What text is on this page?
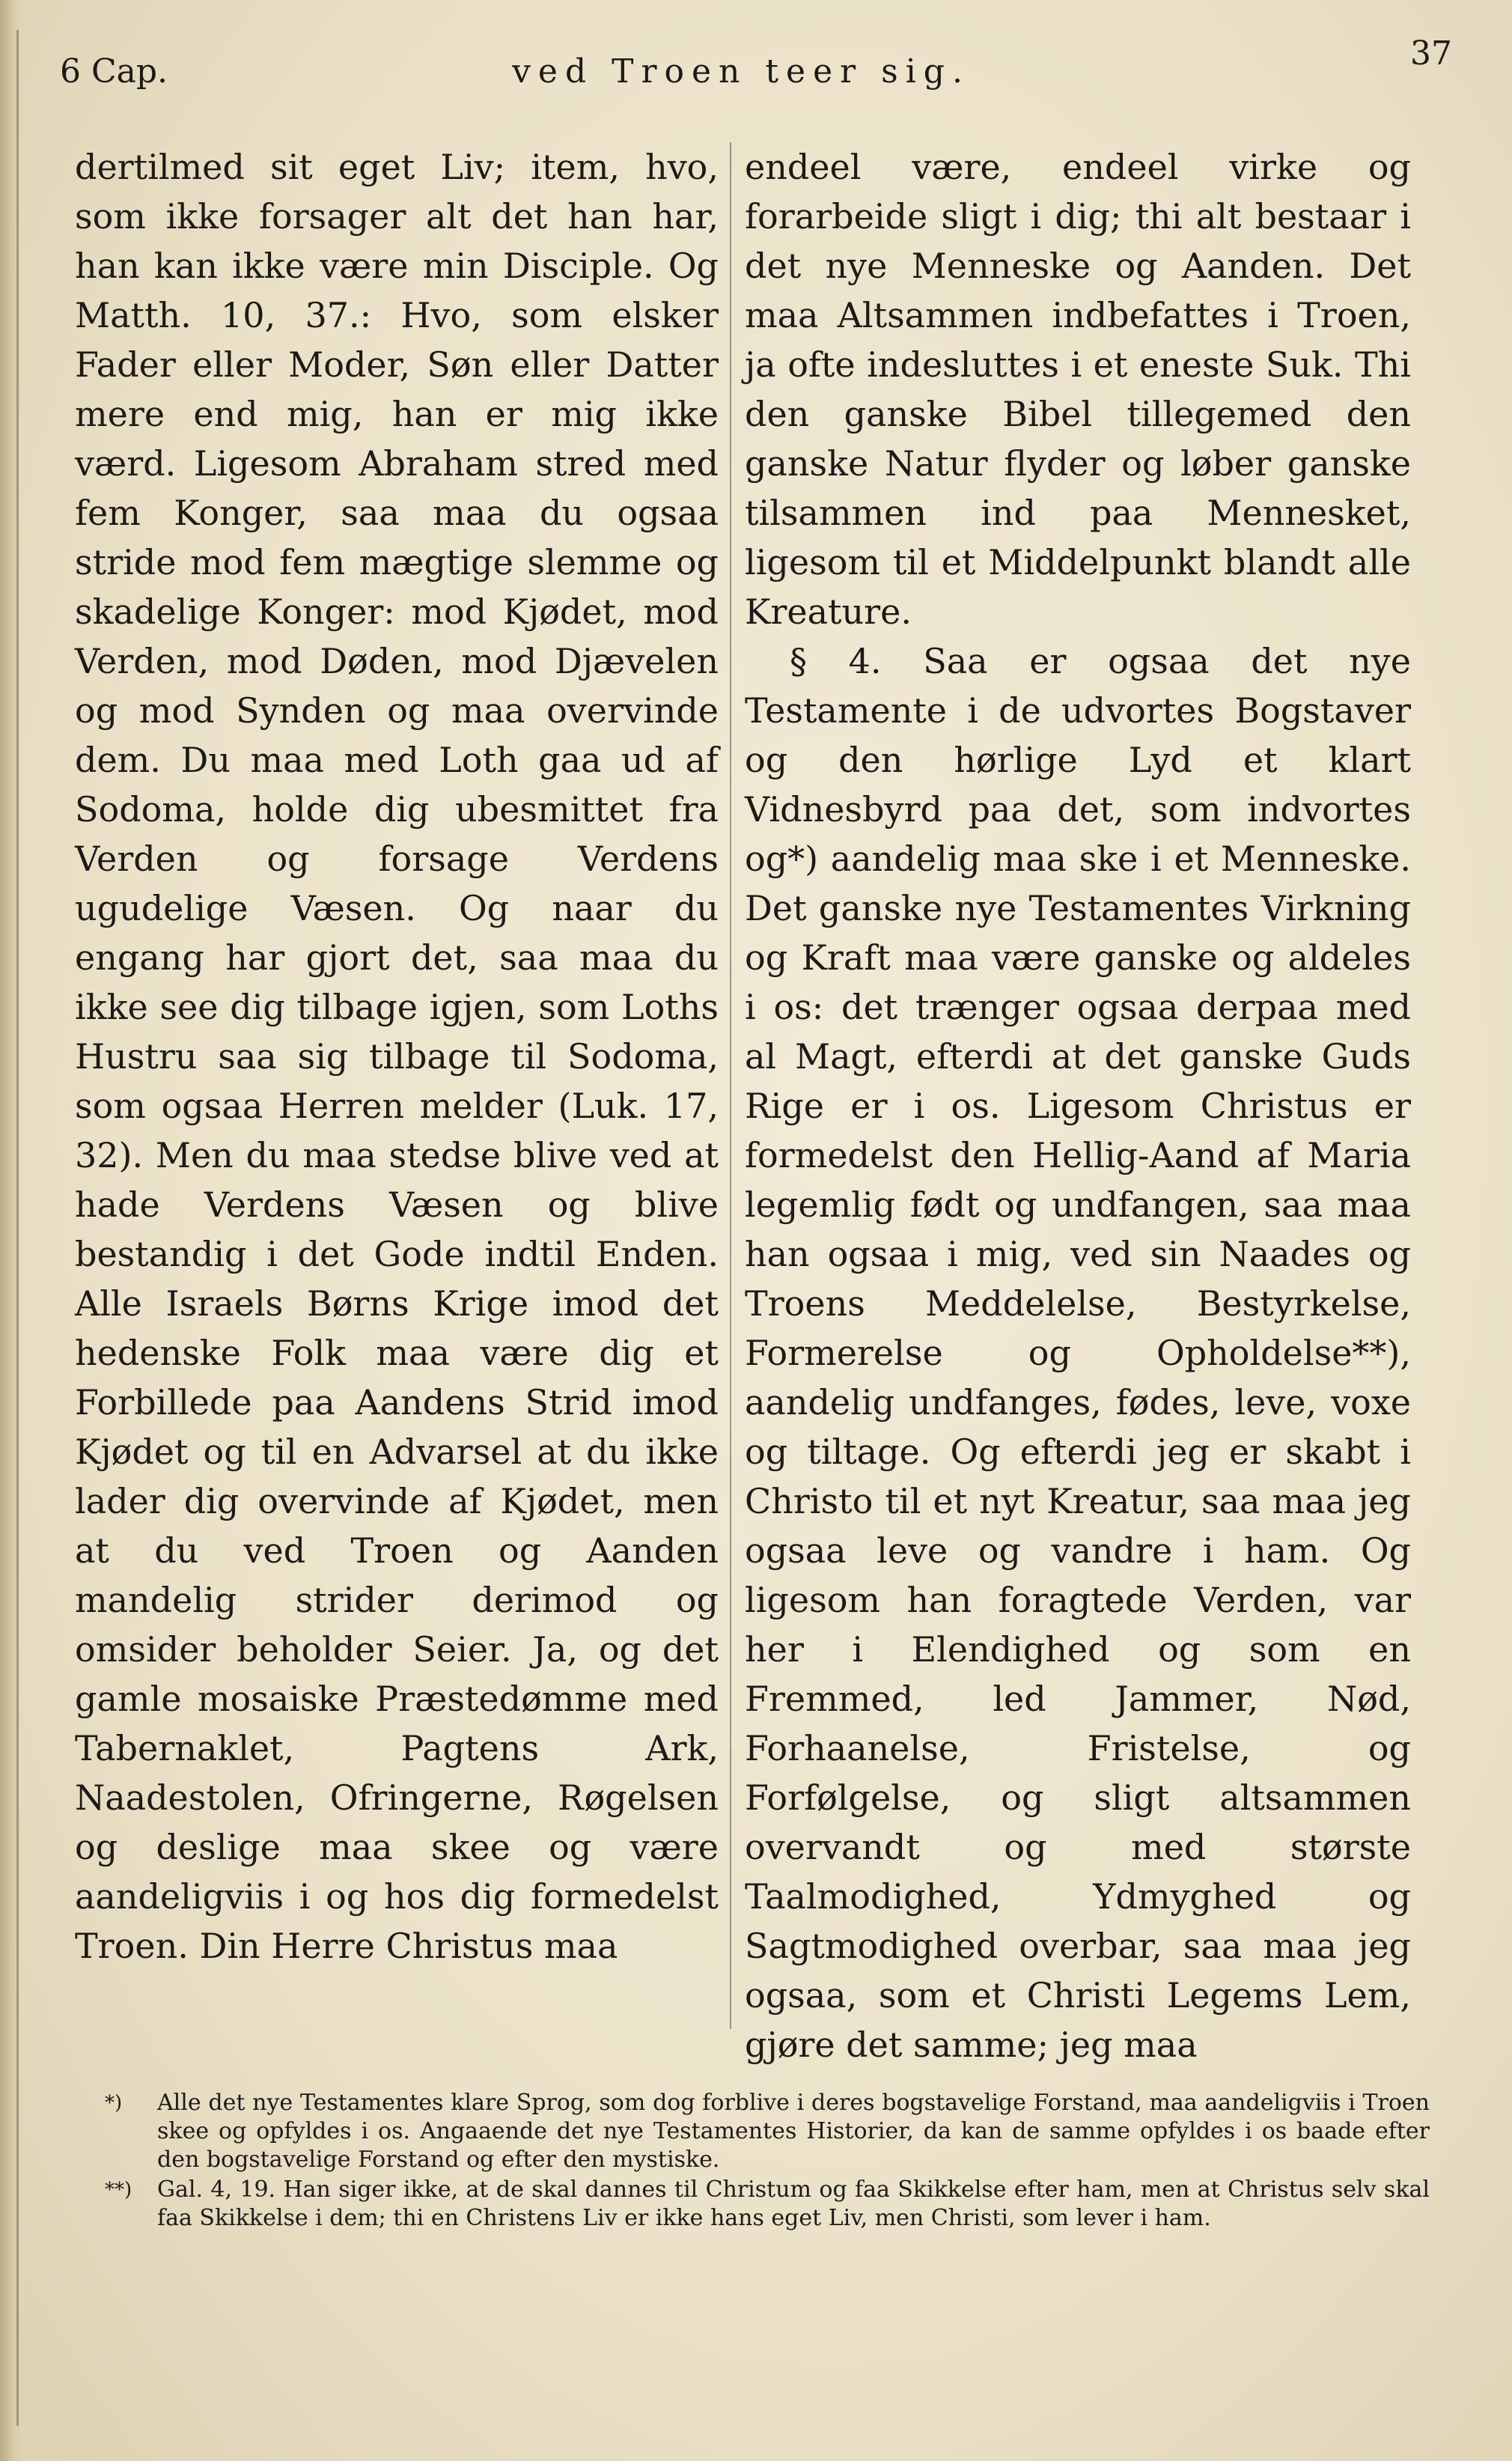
6 Cap.	ved Troen teer sig.	37

dertilmed sit eget Liv; item, hvo, som ikke forsager alt det han har, han kan ikke være min Disciple. Og Matth. 10, 37.: Hvo, som elsker Fader eller Moder, Søn eller Datter mere end mig, han er mig ikke værd. Ligesom Abraham stred med fem Konger, saa maa du ogsaa stride mod fem mægtige slemme og skadelige Konger: mod Kjødet, mod Verden, mod Døden, mod Djævelen og mod Synden og maa overvinde dem. Du maa med Loth gaa ud af Sodoma, holde dig ubesmittet fra Verden og forsage Verdens ugudelige Væsen. Og naar du engang har gjort det, saa maa du ikke see dig tilbage igjen, som Loths Hustru saa sig tilbage til Sodoma, som ogsaa Herren melder (Luk. 17, 32). Men du maa stedse blive ved at hade Verdens Væsen og blive bestandig i det Gode indtil Enden. Alle Israels Børns Krige imod det hedenske Folk maa være dig et Forbillede paa Aandens Strid imod Kjødet og til en Advarsel at du ikke lader dig overvinde af Kjødet, men at du ved Troen og Aanden mandelig strider derimod og omsider beholder Seier. Ja, og det gamle mosaiske Præstedømme med Tabernaklet, Pagtens Ark, Naadestolen, Ofringerne, Røgelsen og deslige maa skee og være aandeligviis i og hos dig formedelst Troen. Din Herre Christus maa

endeel være, endeel virke og forarbeide sligt i dig; thi alt bestaar i det nye Menneske og Aanden. Det maa Altsammen indbefattes i Troen, ja ofte indesluttes i et eneste Suk. Thi den ganske Bibel tillegemed den ganske Natur flyder og løber ganske tilsammen ind paa Mennesket, ligesom til et Middelpunkt blandt alle Kreature.

§ 4. Saa er ogsaa det nye Testamente i de udvortes Bogstaver og den hørlige Lyd et klart Vidnesbyrd paa det, som indvortes og*) aandelig maa ske i et Menneske. Det ganske nye Testamentes Virkning og Kraft maa være ganske og aldeles i os: det trænger ogsaa derpaa med al Magt, efterdi at det ganske Guds Rige er i os. Ligesom Christus er formedelst den Hellig-Aand af Maria legemlig født og undfangen, saa maa han ogsaa i mig, ved sin Naades og Troens Meddelelse, Bestyrkelse, Formerelse og Opholdelse**), aandelig undfanges, fødes, leve, voxe og tiltage. Og efterdi jeg er skabt i Christo til et nyt Kreatur, saa maa jeg ogsaa leve og vandre i ham. Og ligesom han foragtede Verden, var her i Elendighed og som en Fremmed, led Jammer, Nød, Forhaanelse, Fristelse, og Forfølgelse, og sligt altsammen overvandt og med største Taalmodighed, Ydmyghed og Sagtmodighed overbar, saa maa jeg ogsaa, som et Christi Legems Lem, gjøre det samme; jeg maa

*) Alle det nye Testamentes klare Sprog, som dog forblive i deres bogstavelige Forstand, maa aandeligviis i Troen skee og opfyldes i os. Angaaende det nye Testamentes Historier, da kan de samme opfyldes i os baade efter den bogstavelige Forstand og efter den mystiske.
**) Gal. 4, 19. Han siger ikke, at de skal dannes til Christum og faa Skikkelse efter ham, men at Christus selv skal faa Skikkelse i dem; thi en Christens Liv er ikke hans eget Liv, men Christi, som lever i ham.
